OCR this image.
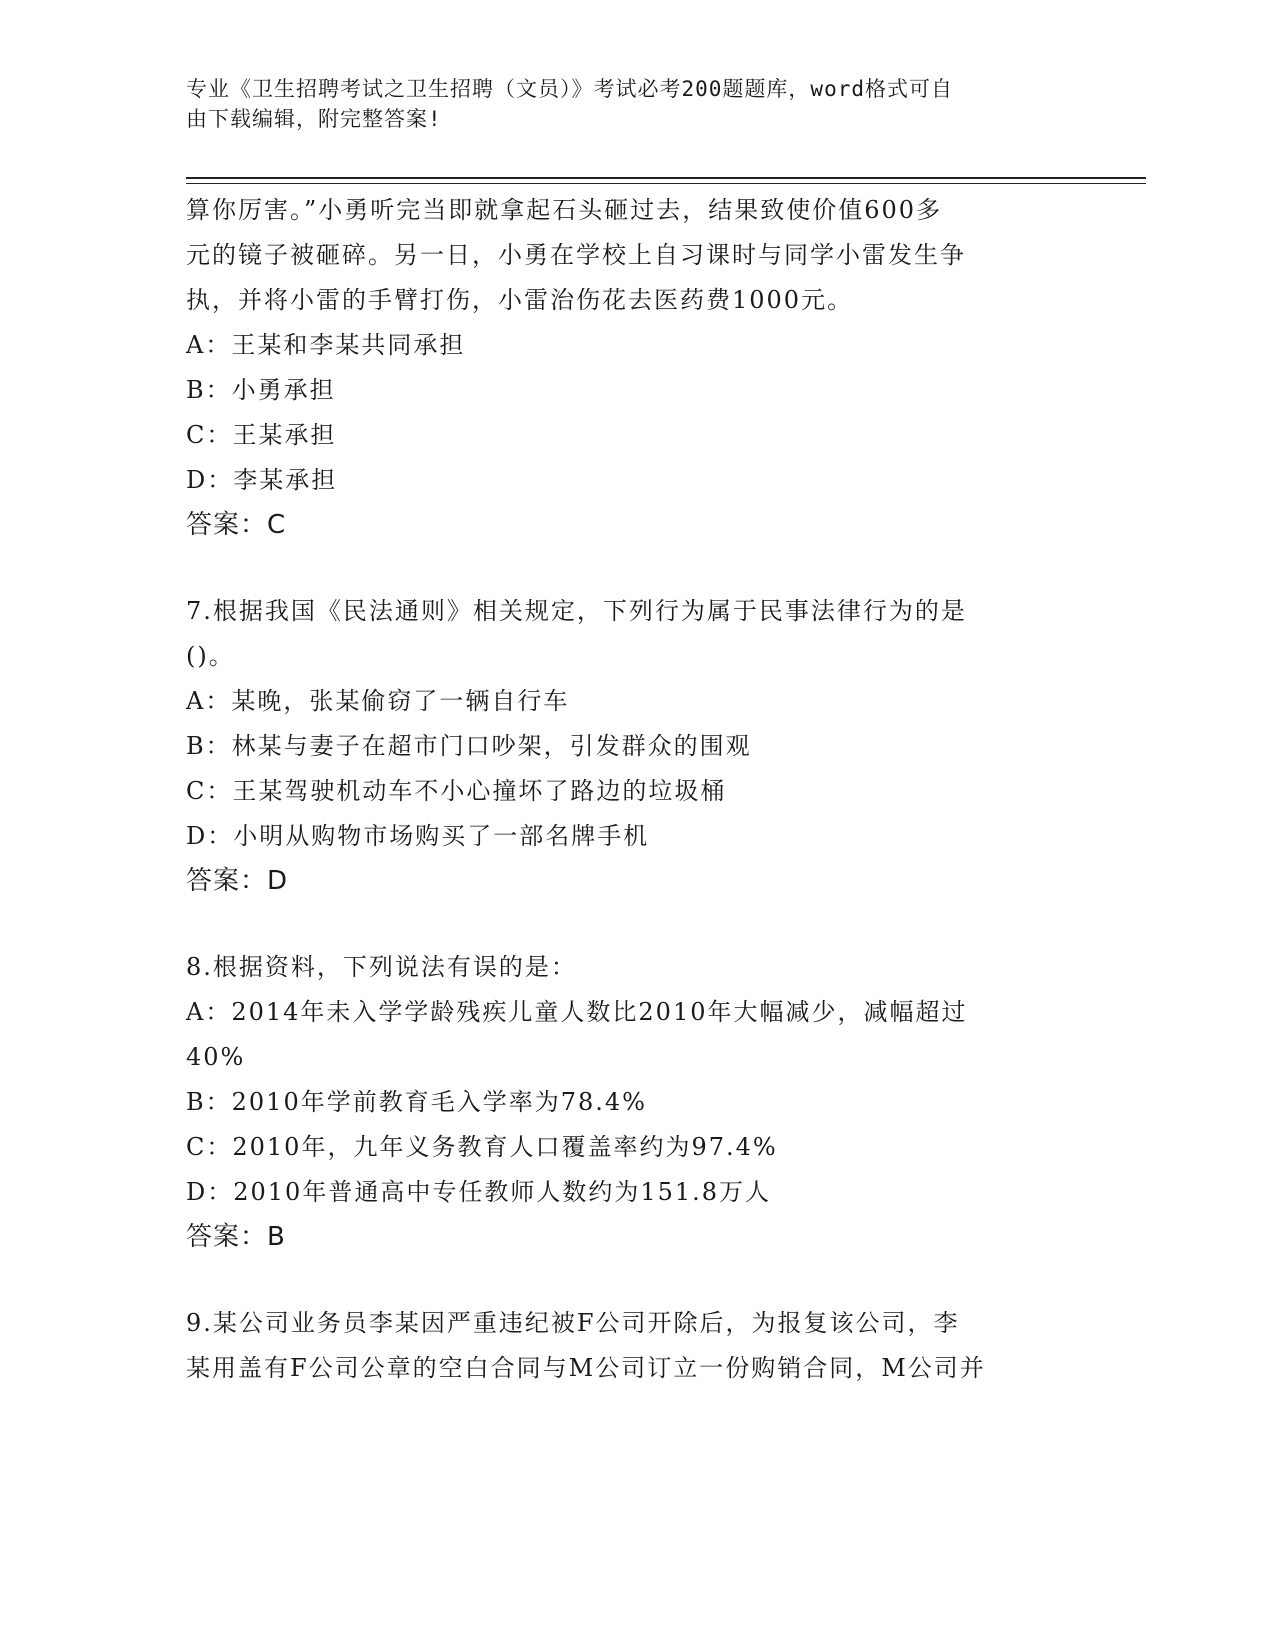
专业《卫生招聘考试之卫生招聘（文员）》考试必考200题题库，word格式可自
由下载编辑，附完整答案!
算你厉害。”小勇听完当即就拿起石头砸过去，结果致使价值600多
元的镜子被砸碎。另一日，小勇在学校上自习课时与同学小雷发生争
执，并将小雷的手臂打伤，小雷治伤花去医药费1000元。
A：王某和李某共同承担
B：小勇承担
C：王某承担
D：李某承担
答案：C
7.根据我国《民法通则》相关规定，下列行为属于民事法律行为的是
()。
A：某晚，张某偷窃了一辆自行车
B：林某与妻子在超市门口吵架，引发群众的围观
C：王某驾驶机动车不小心撞坏了路边的垃圾桶
D：小明从购物市场购买了一部名牌手机
答案：D
8.根据资料，下列说法有误的是：
A：2014年未入学学龄残疾儿童人数比2010年大幅减少，减幅超过
40%
B：2010年学前教育毛入学率为78.4%
C：2010年，九年义务教育人口覆盖率约为97.4%
D：2010年普通高中专任教师人数约为151.8万人
答案：B
9.某公司业务员李某因严重违纪被F公司开除后，为报复该公司，李
某用盖有F公司公章的空白合同与M公司订立一份购销合同，M公司并
